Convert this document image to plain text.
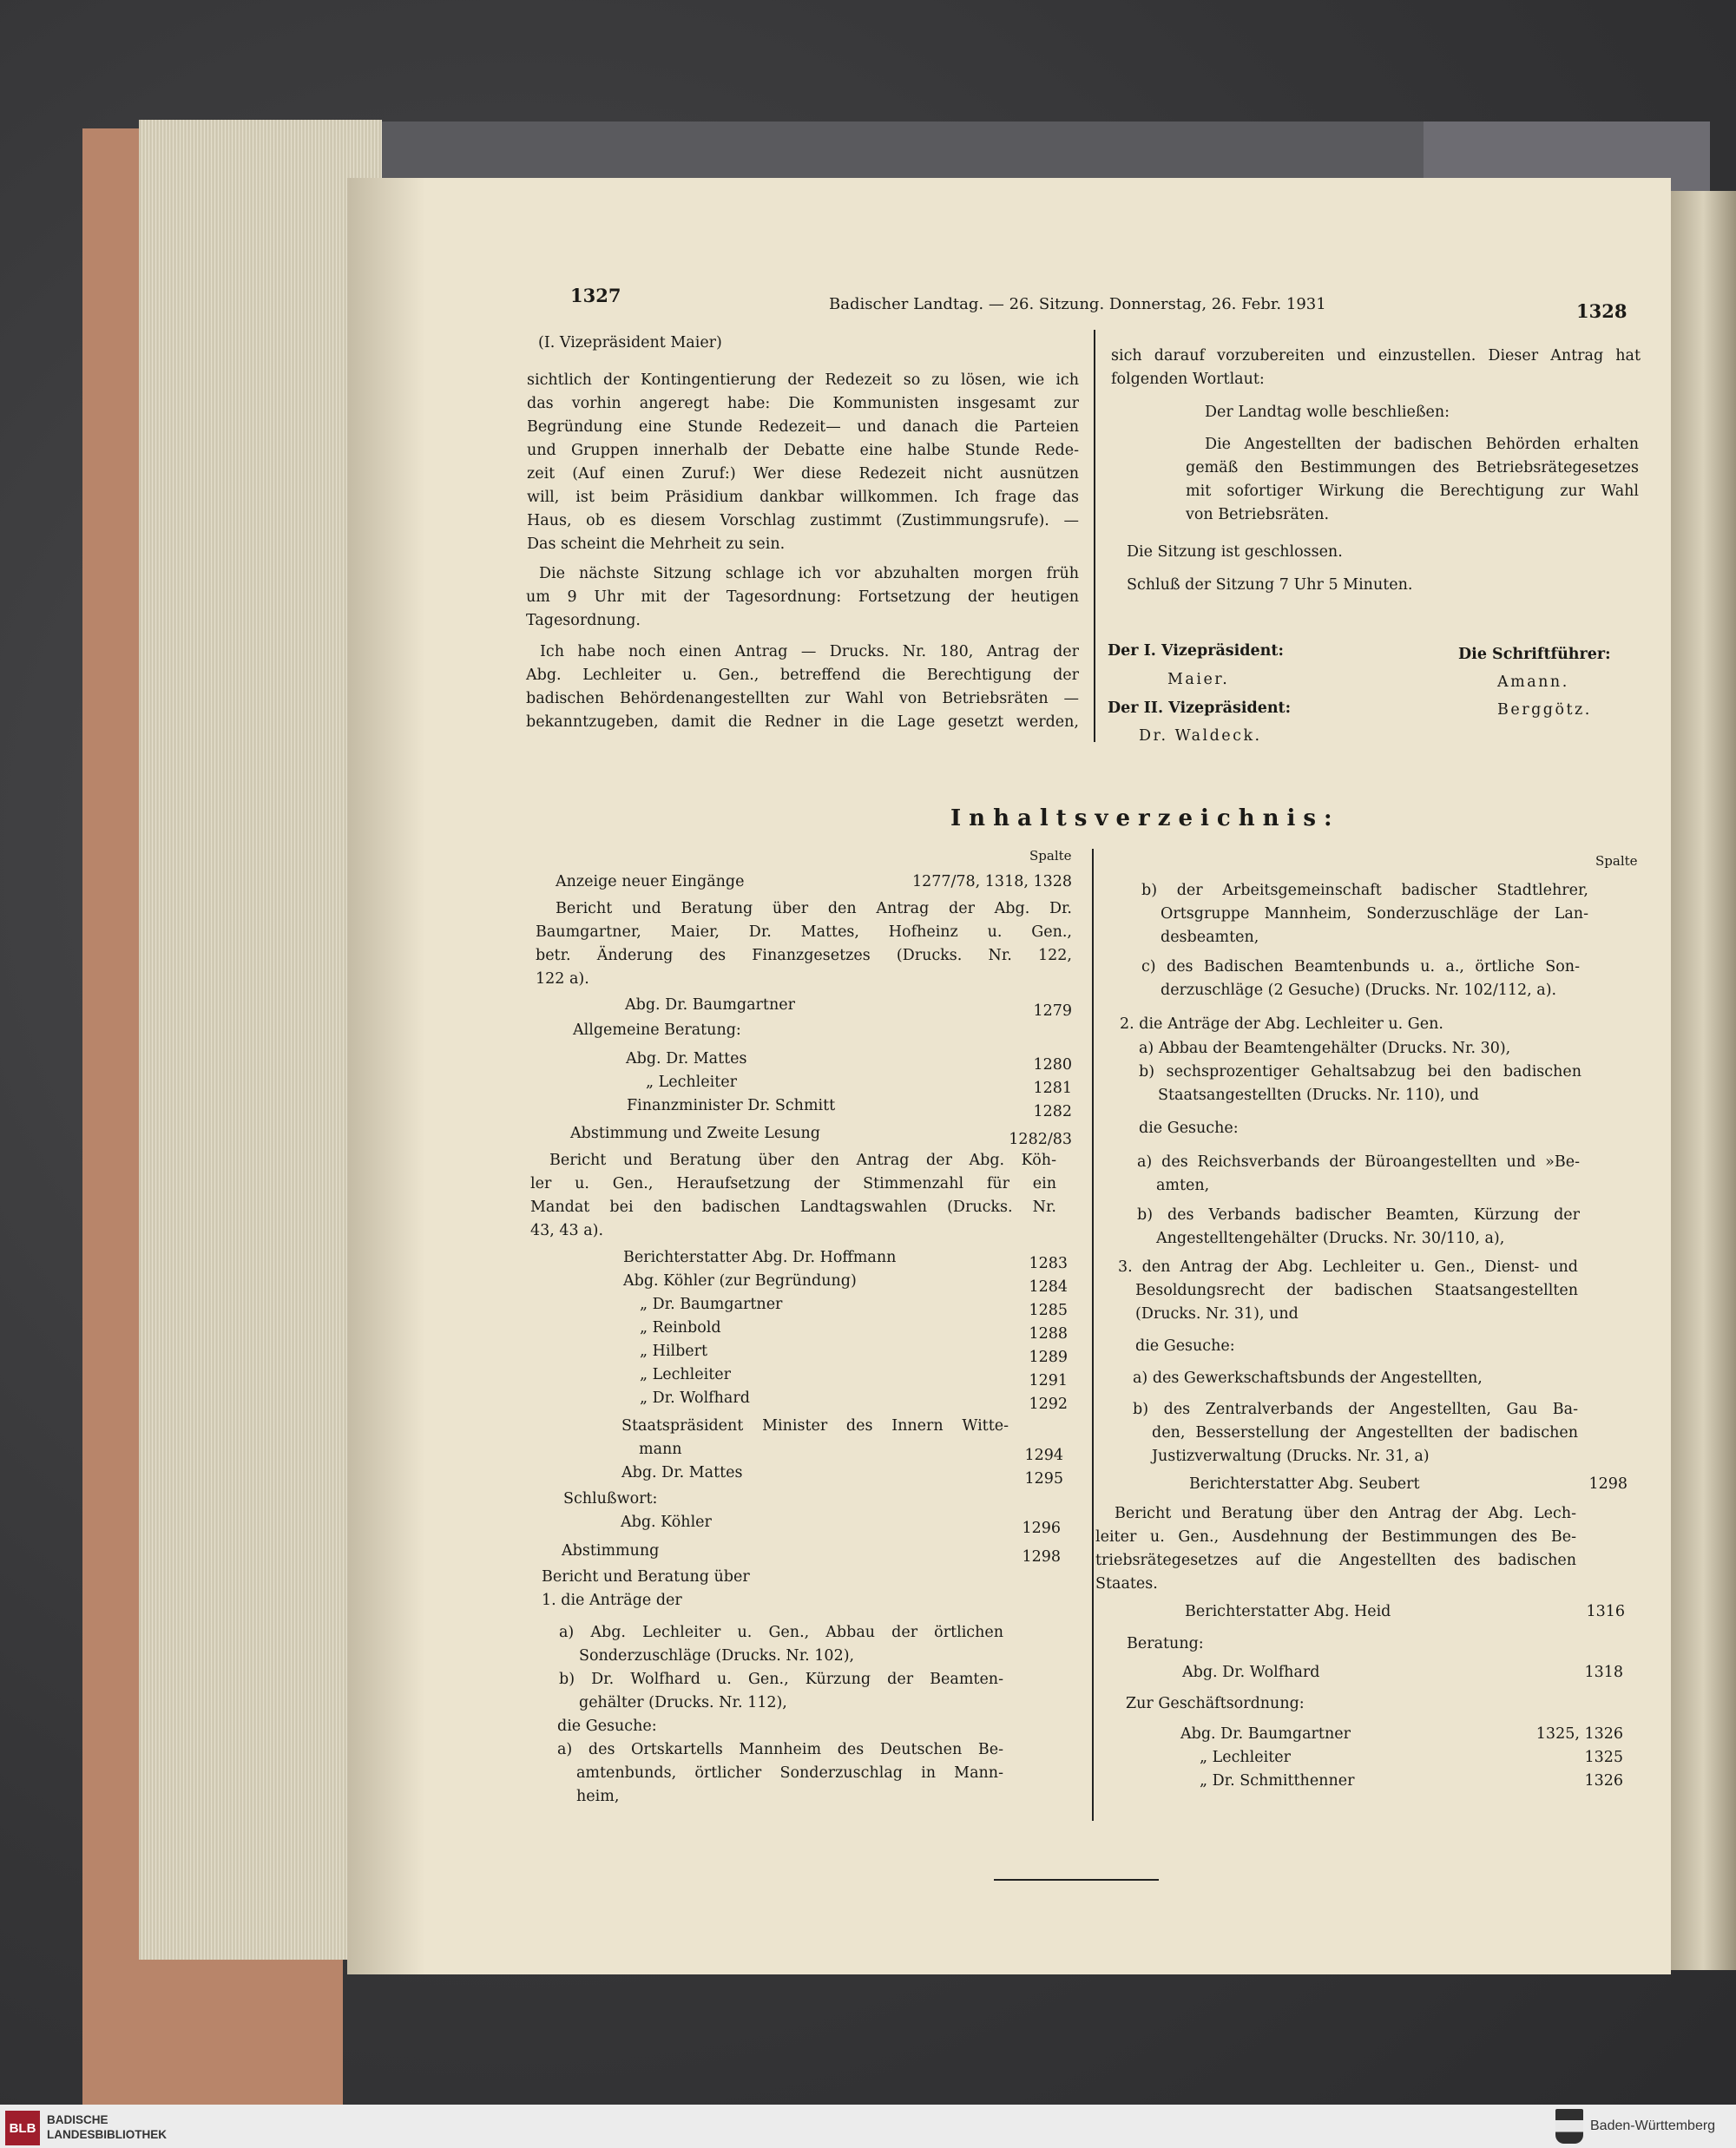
1327	Badischer Landtag. — 26. Sitzung. Donnerstag, 26. Febr. 1931	1328
(I. Vizepräsident Maier)
sichtlich der Kontingentierung der Redezeit so zu lösen, wie ich
das vorhin angeregt habe: Die Kommunisten insgesamt zur
Begründung eine Stunde Redezeit— und danach die Parteien
und Gruppen innerhalb der Debatte eine halbe Stunde Rede-
zeit (Auf einen Zuruf:) Wer diese Redezeit nicht ausnützen
will, ist beim Präsidium dankbar willkommen. Ich frage das
Haus, ob es diesem Vorschlag zustimmt (Zustimmungsrufe). —
Das scheint die Mehrheit zu sein.
Die nächste Sitzung schlage ich vor abzuhalten morgen früh
um 9 Uhr mit der Tagesordnung: Fortsetzung der heutigen
Tagesordnung.
Ich habe noch einen Antrag — Drucks. Nr. 180, Antrag der
Abg. Lechleiter u. Gen., betreffend die Berechtigung der
badischen Behördenangestellten zur Wahl von Betriebsräten —
bekanntzugeben, damit die Redner in die Lage gesetzt werden,
sich darauf vorzubereiten und einzustellen. Dieser Antrag hat
folgenden Wortlaut:
Der Landtag wolle beschließen:
Die Angestellten der badischen Behörden erhalten
gemäß den Bestimmungen des Betriebsrätegesetzes
mit sofortiger Wirkung die Berechtigung zur Wahl
von Betriebsräten.
Die Sitzung ist geschlossen.
Schluß der Sitzung 7 Uhr 5 Minuten.
Der I. Vizepräsident:	Die Schriftführer:
Maier.	Amann.
Der II. Vizepräsident:	Berggötz.
Dr. Waldeck.
Inhaltsverzeichnis:
Spalte	Spalte
Anzeige neuer Eingänge	1277/78, 1318, 1328
Bericht und Beratung über den Antrag der Abg. Dr.
Baumgartner, Maier, Dr. Mattes, Hofheinz u. Gen.,
betr. Änderung des Finanzgesetzes (Drucks. Nr. 122,
122 a).
Abg. Dr. Baumgartner	1279
Allgemeine Beratung:
Abg. Dr. Mattes	1280
„ Lechleiter	1281
Finanzminister Dr. Schmitt	1282
Abstimmung und Zweite Lesung	1282/83
Bericht und Beratung über den Antrag der Abg. Köh-
ler u. Gen., Heraufsetzung der Stimmenzahl für ein
Mandat bei den badischen Landtagswahlen (Drucks. Nr.
43, 43 a).
Berichterstatter Abg. Dr. Hoffmann	1283
Abg. Köhler (zur Begründung)	1284
„ Dr. Baumgartner	1285
„ Reinbold	1288
„ Hilbert	1289
„ Lechleiter	1291
„ Dr. Wolfhard	1292
Staatspräsident Minister des Innern Witte-
mann	1294
Abg. Dr. Mattes	1295
Schlußwort:
Abg. Köhler	1296
Abstimmung	1298
Bericht und Beratung über
1. die Anträge der
a) Abg. Lechleiter u. Gen., Abbau der örtlichen
Sonderzuschläge (Drucks. Nr. 102),
b) Dr. Wolfhard u. Gen., Kürzung der Beamten-
gehälter (Drucks. Nr. 112),
die Gesuche:
a) des Ortskartells Mannheim des Deutschen Be-
amtenbunds, örtlicher Sonderzuschlag in Mann-
heim,
b) der Arbeitsgemeinschaft badischer Stadtlehrer,
Ortsgruppe Mannheim, Sonderzuschläge der Lan-
desbeamten,
c) des Badischen Beamtenbunds u. a., örtliche Son-
derzuschläge (2 Gesuche) (Drucks. Nr. 102/112, a).
2. die Anträge der Abg. Lechleiter u. Gen.
a) Abbau der Beamtengehälter (Drucks. Nr. 30),
b) sechsprozentiger Gehaltsabzug bei den badischen
Staatsangestellten (Drucks. Nr. 110), und
die Gesuche:
a) des Reichsverbands der Büroangestellten und »Be-
amten,
b) des Verbands badischer Beamten, Kürzung der
Angestelltengehälter (Drucks. Nr. 30/110, a),
3. den Antrag der Abg. Lechleiter u. Gen., Dienst- und
Besoldungsrecht der badischen Staatsangestellten
(Drucks. Nr. 31), und
die Gesuche:
a) des Gewerkschaftsbunds der Angestellten,
b) des Zentralverbands der Angestellten, Gau Ba-
den, Besserstellung der Angestellten der badischen
Justizverwaltung (Drucks. Nr. 31, a)
Berichterstatter Abg. Seubert	1298
Bericht und Beratung über den Antrag der Abg. Lech-
leiter u. Gen., Ausdehnung der Bestimmungen des Be-
triebsrätegesetzes auf die Angestellten des badischen
Staates.
Berichterstatter Abg. Heid	1316
Beratung:
Abg. Dr. Wolfhard	1318
Zur Geschäftsordnung:
Abg. Dr. Baumgartner	1325, 1326
„ Lechleiter	1325
„ Dr. Schmitthenner	1326
BLB
BADISCHE
LANDESBIBLIOTHEK
Baden-Württemberg
